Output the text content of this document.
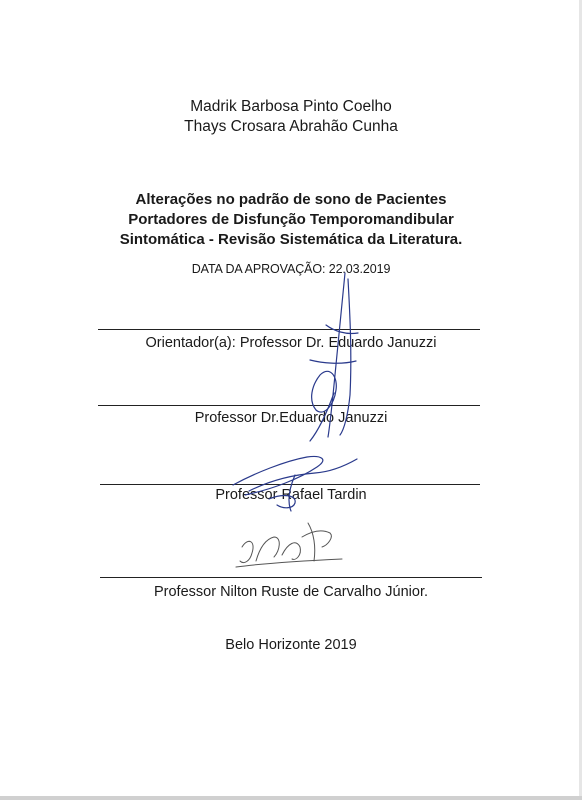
Madrik Barbosa Pinto Coelho
Thays Crosara Abrahão Cunha
Alterações no padrão de sono de Pacientes
Portadores de Disfunção Temporomandibular
Sintomática - Revisão Sistemática da Literatura.
DATA DA APROVAÇÃO: 22.03.2019
Orientador(a): Professor Dr. Eduardo Januzzi
Professor Dr.Eduardo Januzzi
Professor Rafael Tardin
Professor Nilton Ruste de Carvalho Júnior.
Belo Horizonte 2019
